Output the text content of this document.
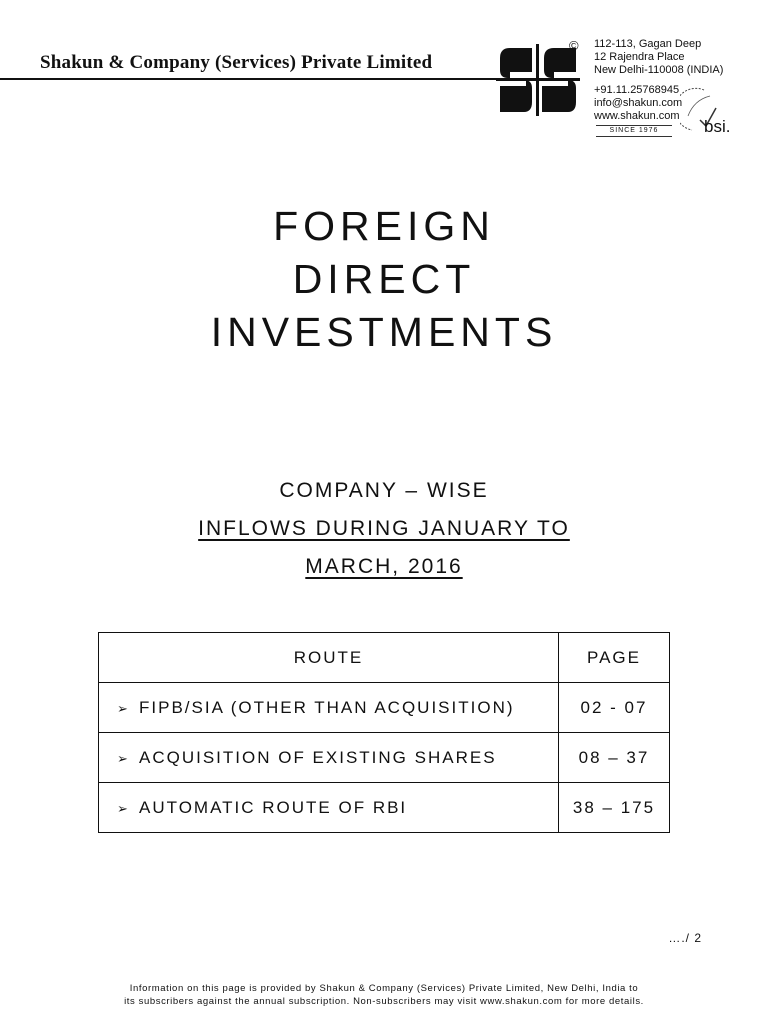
Shakun & Company (Services) Private Limited
© 112-113, Gagan Deep
12 Rajendra Place
New Delhi-110008 (INDIA)
+91.11.25768945
info@shakun.com
www.shakun.com
SINCE 1976	bsi.
FOREIGN
DIRECT
INVESTMENTS
COMPANY – WISE
INFLOWS DURING JANUARY TO
MARCH, 2016
ROUTE	PAGE
➢ FIPB/SIA (OTHER THAN ACQUISITION)	02 - 07
➢ ACQUISITION OF EXISTING SHARES	08 – 37
➢ AUTOMATIC ROUTE OF RBI	38 – 175
…./ 2
Information on this page is provided by Shakun & Company (Services) Private Limited, New Delhi, India to
its subscribers against the annual subscription. Non-subscribers may visit www.shakun.com for more details.
